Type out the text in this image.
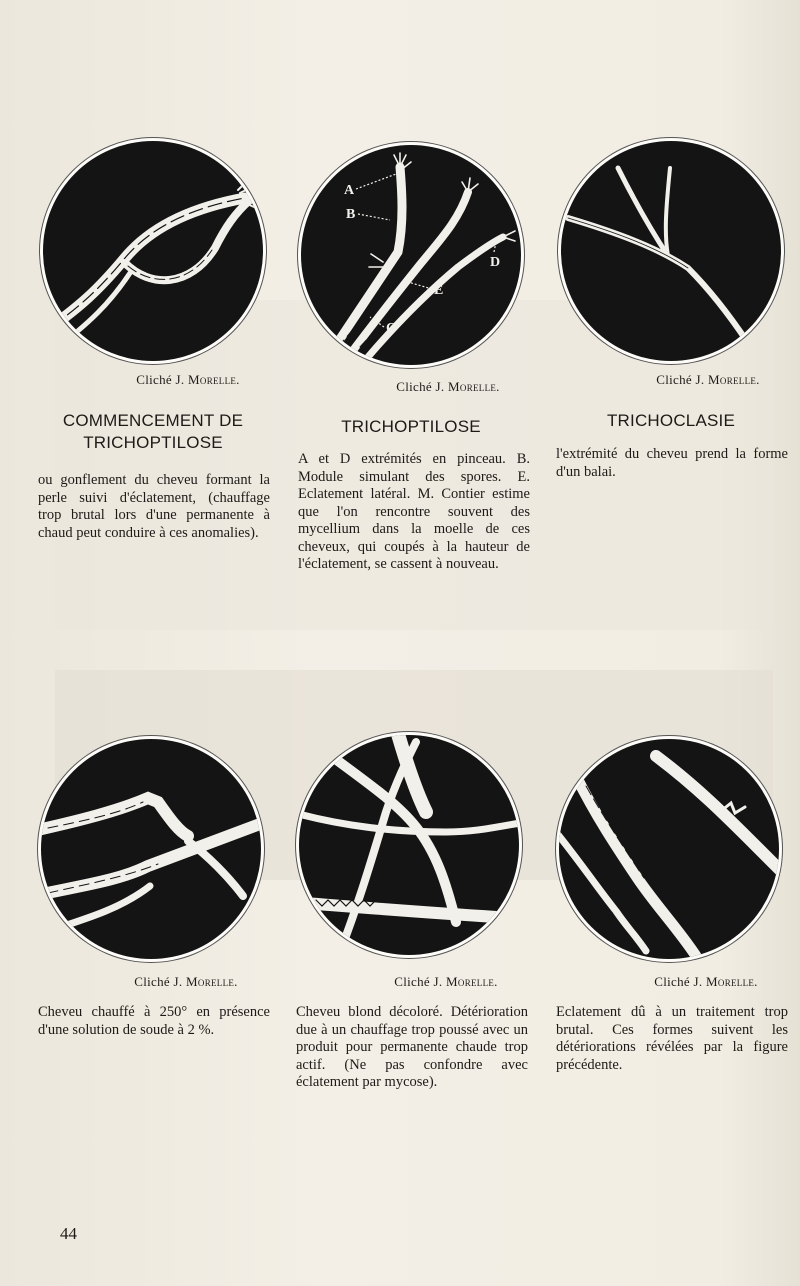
Cliché J. Morelle.
COMMENCEMENT DE TRICHOPTILOSE
ou gonflement du cheveu formant la perle suivi d'éclatement, (chauffage trop brutal lors d'une permanente à chaud peut conduire à ces anomalies).
A
B
E
C
D
Cliché J. Morelle.
TRICHOPTILOSE
A et D extrémités en pinceau. B. Module simulant des spores. E. Eclatement latéral. M. Contier estime que l'on rencontre souvent des mycellium dans la moelle de ces cheveux, qui coupés à la hauteur de l'éclatement, se cassent à nouveau.
Cliché J. Morelle.
TRICHOCLASIE
l'extrémité du cheveu prend la forme d'un balai.
Cliché J. Morelle.
Cheveu chauffé à 250° en présence d'une solution de soude à 2 %.
Cliché J. Morelle.
Cheveu blond décoloré. Détérioration due à un chauffage trop poussé avec un produit pour permanente chaude trop actif. (Ne pas confondre avec éclatement par mycose).
Cliché J. Morelle.
Eclatement dû à un traitement trop brutal. Ces formes suivent les détériorations révélées par la figure précédente.
44
